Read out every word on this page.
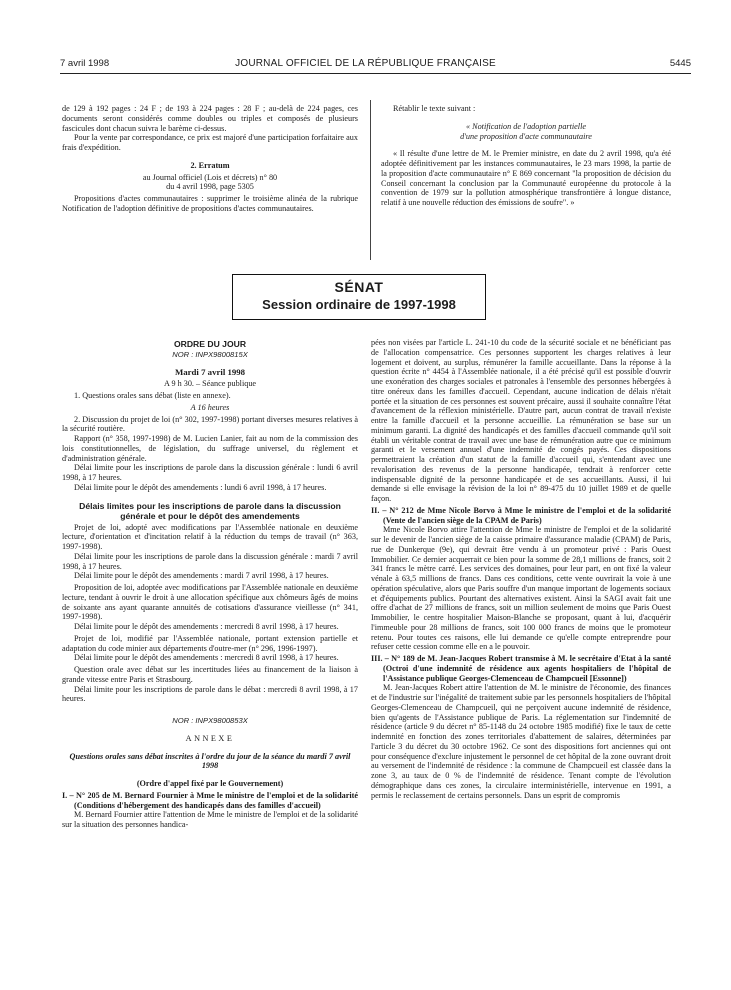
7 avril 1998	JOURNAL OFFICIEL DE LA RÉPUBLIQUE FRANÇAISE	5445

de 129 à 192 pages : 24 F ; de 193 à 224 pages : 28 F ; au-delà de 224 pages, ces documents seront considérés comme doubles ou triples et composés de plusieurs fascicules dont chacun suivra le barème ci-dessus.

Pour la vente par correspondance, ce prix est majoré d'une participation forfaitaire aux frais d'expédition.

2. Erratum

au Journal officiel (Lois et décrets) n° 80

du 4 avril 1998, page 5305

Propositions d'actes communautaires : supprimer le troisième alinéa de la rubrique Notification de l'adoption définitive de propositions d'actes communautaires.

Rétablir le texte suivant :

« Notification de l'adoption partielle

d'une proposition d'acte communautaire

« Il résulte d'une lettre de M. le Premier ministre, en date du 2 avril 1998, qu'a été adoptée définitivement par les instances communautaires, le 23 mars 1998, la partie de la proposition d'acte communautaire n° E 869 concernant "la proposition de décision du Conseil concernant la conclusion par la Communauté européenne du protocole à la convention de 1979 sur la pollution atmosphérique transfrontière à longue distance, relatif à une nouvelle réduction des émissions de soufre". »

SÉNAT
Session ordinaire de 1997-1998

ORDRE DU JOUR

NOR : INPX9800815X

Mardi 7 avril 1998

A 9 h 30. – Séance publique

1. Questions orales sans débat (liste en annexe).

A 16 heures

2. Discussion du projet de loi (n° 302, 1997-1998) portant diverses mesures relatives à la sécurité routière.

Rapport (n° 358, 1997-1998) de M. Lucien Lanier, fait au nom de la commission des lois constitutionnelles, de législation, du suffrage universel, du règlement et d'administration générale.

Délai limite pour les inscriptions de parole dans la discussion générale : lundi 6 avril 1998, à 17 heures.

Délai limite pour le dépôt des amendements : lundi 6 avril 1998, à 17 heures.

Délais limites pour les inscriptions de parole dans la discussion générale et pour le dépôt des amendements

Projet de loi, adopté avec modifications par l'Assemblée nationale en deuxième lecture, d'orientation et d'incitation relatif à la réduction du temps de travail (n° 363, 1997-1998).

Délai limite pour les inscriptions de parole dans la discussion générale : mardi 7 avril 1998, à 17 heures.

Délai limite pour le dépôt des amendements : mardi 7 avril 1998, à 17 heures.

Proposition de loi, adoptée avec modifications par l'Assemblée nationale en deuxième lecture, tendant à ouvrir le droit à une allocation spécifique aux chômeurs âgés de moins de soixante ans ayant quarante annuités de cotisations d'assurance vieillesse (n° 341, 1997-1998).

Délai limite pour le dépôt des amendements : mercredi 8 avril 1998, à 17 heures.

Projet de loi, modifié par l'Assemblée nationale, portant extension partielle et adaptation du code minier aux départements d'outre-mer (n° 296, 1996-1997).

Délai limite pour le dépôt des amendements : mercredi 8 avril 1998, à 17 heures.

Question orale avec débat sur les incertitudes liées au financement de la liaison à grande vitesse entre Paris et Strasbourg.

Délai limite pour les inscriptions de parole dans le débat : mercredi 8 avril 1998, à 17 heures.

NOR : INPX9800853X

ANNEXE

Questions orales sans débat inscrites à l'ordre du jour de la séance du mardi 7 avril 1998

(Ordre d'appel fixé par le Gouvernement)

I. – N° 205 de M. Bernard Fournier à Mme le ministre de l'emploi et de la solidarité (Conditions d'hébergement des handicapés dans des familles d'accueil)

M. Bernard Fournier attire l'attention de Mme le ministre de l'emploi et de la solidarité sur la situation des personnes handica-

pées non visées par l'article L. 241-10 du code de la sécurité sociale et ne bénéficiant pas de l'allocation compensatrice. Ces personnes supportent les charges relatives à leur logement et doivent, au surplus, rémunérer la famille accueillante. Dans la réponse à la question écrite n° 4454 à l'Assemblée nationale, il a été précisé qu'il est possible d'ouvrir une exonération des charges sociales et patronales à l'ensemble des personnes hébergées à titre onéreux dans les familles d'accueil. Cependant, aucune indication de délais n'était portée et la situation de ces personnes est souvent précaire, aussi il souhaite connaître l'état d'avancement de la réflexion ministérielle. D'autre part, aucun contrat de travail n'existe entre la famille d'accueil et la personne accueillie. La rémunération se base sur un minimum garanti. La dignité des handicapés et des familles d'accueil commande qu'il soit établi un véritable contrat de travail avec une base de rémunération autre que ce minimum garanti et le versement annuel d'une indemnité de congés payés. Ces dispositions permettraient la création d'un statut de la famille d'accueil qui, s'entendant avec une revalorisation des revenus de la personne handicapée, tendrait à renforcer cette indispensable dignité de la personne handicapée et de ses accueillants. Aussi, il lui demande si elle envisage la révision de la loi n° 89-475 du 10 juillet 1989 et de quelle façon.

II. – N° 212 de Mme Nicole Borvo à Mme le ministre de l'emploi et de la solidarité (Vente de l'ancien siège de la CPAM de Paris)

Mme Nicole Borvo attire l'attention de Mme le ministre de l'emploi et de la solidarité sur le devenir de l'ancien siège de la caisse primaire d'assurance maladie (CPAM) de Paris, rue de Dunkerque (9e), qui devrait être vendu à un promoteur privé : Paris Ouest Immobilier. Ce dernier acquerrait ce bien pour la somme de 28,1 millions de francs, soit 2 341 francs le mètre carré. Les services des domaines, pour leur part, en ont fixé la valeur vénale à 63,5 millions de francs. Dans ces conditions, cette vente ouvrirait la voie à une opération spéculative, alors que Paris souffre d'un manque important de logements sociaux et d'équipements publics. Pourtant des alternatives existent. Ainsi la SAGI avait fait une offre d'achat de 27 millions de francs, soit un million seulement de moins que Paris Ouest Immobilier, le centre hospitalier Maison-Blanche se proposant, quant à lui, d'acquérir l'immeuble pour 28 millions de francs, soit 100 000 francs de moins que le promoteur retenu. Pour toutes ces raisons, elle lui demande ce qu'elle compte entreprendre pour refuser cette cession comme elle en a le pouvoir.

III. – N° 189 de M. Jean-Jacques Robert transmise à M. le secrétaire d'Etat à la santé (Octroi d'une indemnité de résidence aux agents hospitaliers de l'hôpital de l'Assistance publique Georges-Clemenceau de Champcueil [Essonne])

M. Jean-Jacques Robert attire l'attention de M. le ministre de l'économie, des finances et de l'industrie sur l'inégalité de traitement subie par les personnels hospitaliers de l'hôpital Georges-Clemenceau de Champcueil, qui ne perçoivent aucune indemnité de résidence, bien qu'agents de l'Assistance publique de Paris. La réglementation sur l'indemnité de résidence (article 9 du décret n° 85-1148 du 24 octobre 1985 modifié) fixe le taux de cette indemnité en fonction des zones territoriales d'abattement de salaires, déterminées par l'article 3 du décret du 30 octobre 1962. Ce sont des dispositions fort anciennes qui ont pour conséquence d'exclure injustement le personnel de cet hôpital de la zone ouvrant droit au versement de l'indemnité de résidence : la commune de Champcueil est classée dans la zone 3, au taux de 0 % de l'indemnité de résidence. Tenant compte de l'évolution démographique dans ces zones, la circulaire interministérielle, intervenue en 1991, a permis le reclassement de certains personnels. Dans un esprit de compromis
